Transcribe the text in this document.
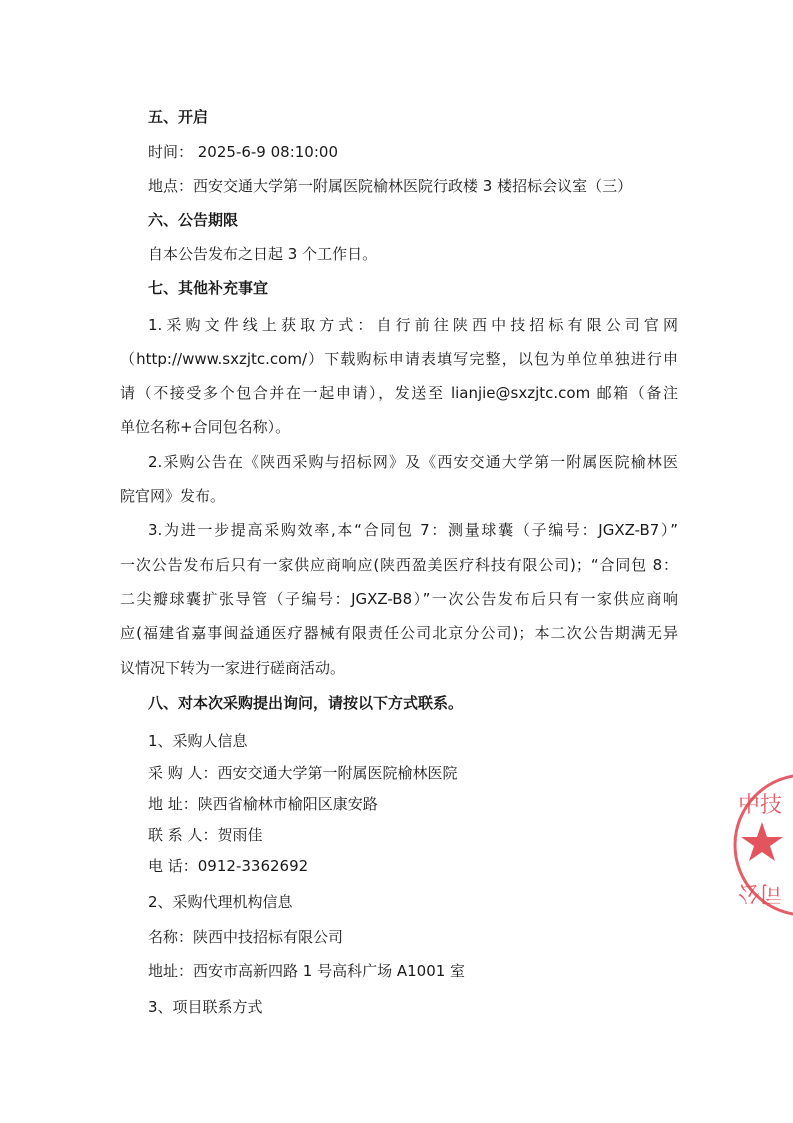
五、开启
时间： 2025-6-9 08:10:00
地点：西安交通大学第一附属医院榆林医院行政楼 3 楼招标会议室（三）
六、公告期限
自本公告发布之日起 3 个工作日。
七、其他补充事宜
1.采购文件线上获取方式：自行前往陕西中技招标有限公司官网
（http://www.sxzjtc.com/）下载购标申请表填写完整，以包为单位单独进行申
请（不接受多个包合并在一起申请），发送至 lianjie@sxzjtc.com 邮箱（备注
单位名称+合同包名称）。
2.采购公告在《陕西采购与招标网》及《西安交通大学第一附属医院榆林医
院官网》发布。
3.为进一步提高采购效率,本“合同包 7：测量球囊（子编号：JGXZ-B7）”
一次公告发布后只有一家供应商响应(陕西盈美医疗科技有限公司)；“合同包 8：
二尖瓣球囊扩张导管（子编号：JGXZ-B8）”一次公告发布后只有一家供应商响
应(福建省嘉事闽益通医疗器械有限责任公司北京分公司)；本二次公告期满无异
议情况下转为一家进行磋商活动。
八、对本次采购提出询问，请按以下方式联系。
1、采购人信息
采 购 人：西安交通大学第一附属医院榆林医院
地 址：陕西省榆林市榆阳区康安路
联 系 人：贺雨佳
电 话：0912-3362692
2、采购代理机构信息
名称：陕西中技招标有限公司
地址：西安市高新四路 1 号高科广场 A1001 室
3、项目联系方式
中技
司公
